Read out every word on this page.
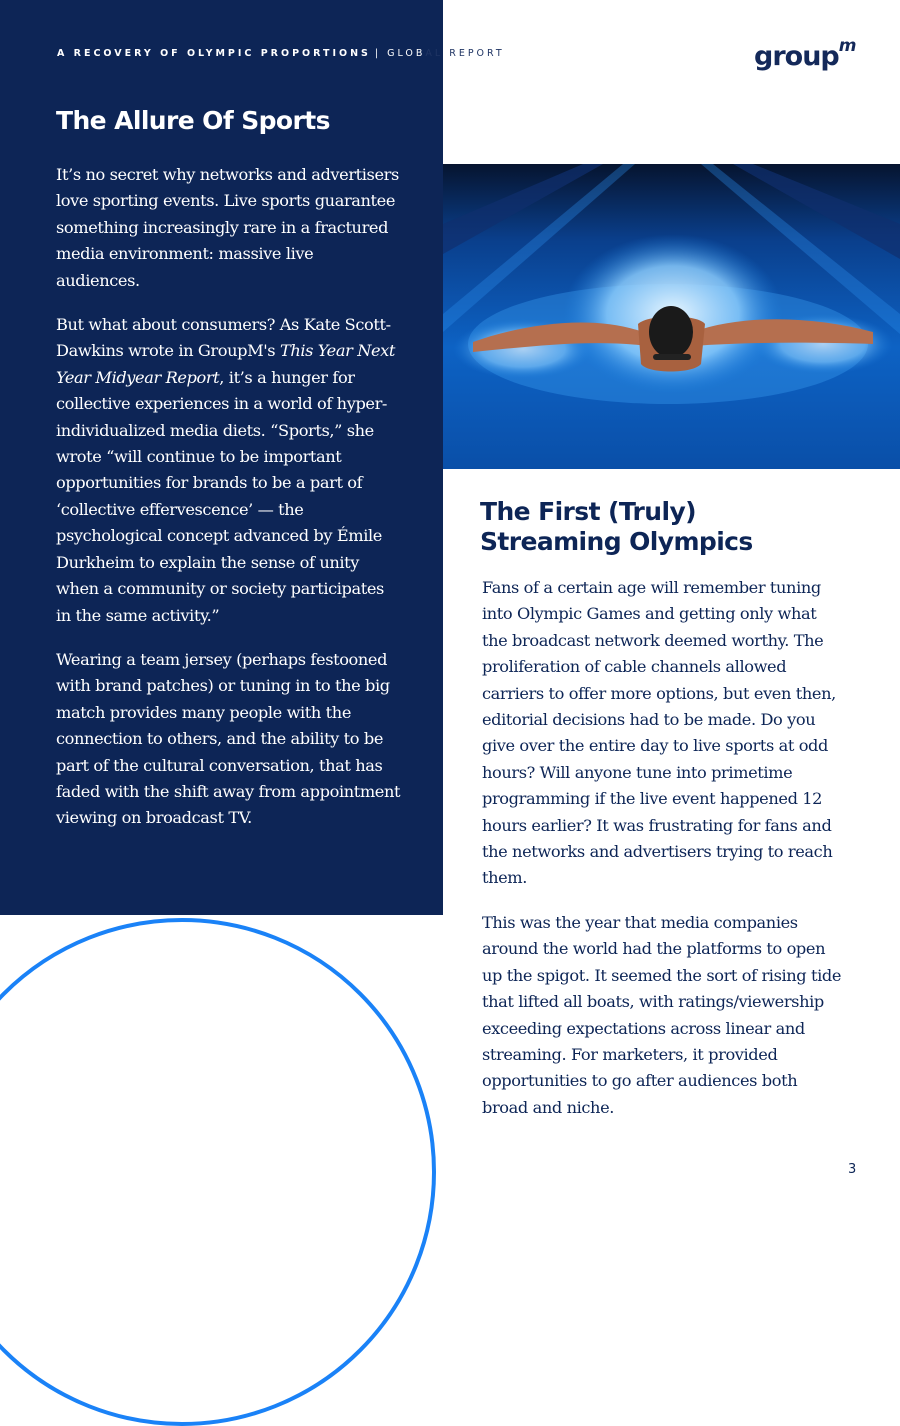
A RECOVERY OF OLYMPIC PROPORTIONS | GLOBAL REPORT	group$^m$
The Allure Of Sports

It’s no secret why networks and advertisers love sporting events. Live sports guarantee something increasingly rare in a fractured media environment: massive live audiences.

But what about consumers? As Kate Scott-Dawkins wrote in GroupM's This Year Next Year Midyear Report, it’s a hunger for collective experiences in a world of hyper-individualized media diets. “Sports,” she wrote “will continue to be important opportunities for brands to be a part of ‘collective effervescence’ — the psychological concept advanced by Émile Durkheim to explain the sense of unity when a community or society participates in the same activity.”

Wearing a team jersey (perhaps festooned with brand patches) or tuning in to the big match provides many people with the connection to others, and the ability to be part of the cultural conversation, that has faded with the shift away from appointment viewing on broadcast TV.

The First (Truly) Streaming Olympics

Fans of a certain age will remember tuning into Olympic Games and getting only what the broadcast network deemed worthy. The proliferation of cable channels allowed carriers to offer more options, but even then, editorial decisions had to be made. Do you give over the entire day to live sports at odd hours? Will anyone tune into primetime programming if the live event happened 12 hours earlier? It was frustrating for fans and the networks and advertisers trying to reach them.

This was the year that media companies around the world had the platforms to open up the spigot. It seemed the sort of rising tide that lifted all boats, with ratings/viewership exceeding expectations across linear and streaming. For marketers, it provided opportunities to go after audiences both broad and niche.

3
